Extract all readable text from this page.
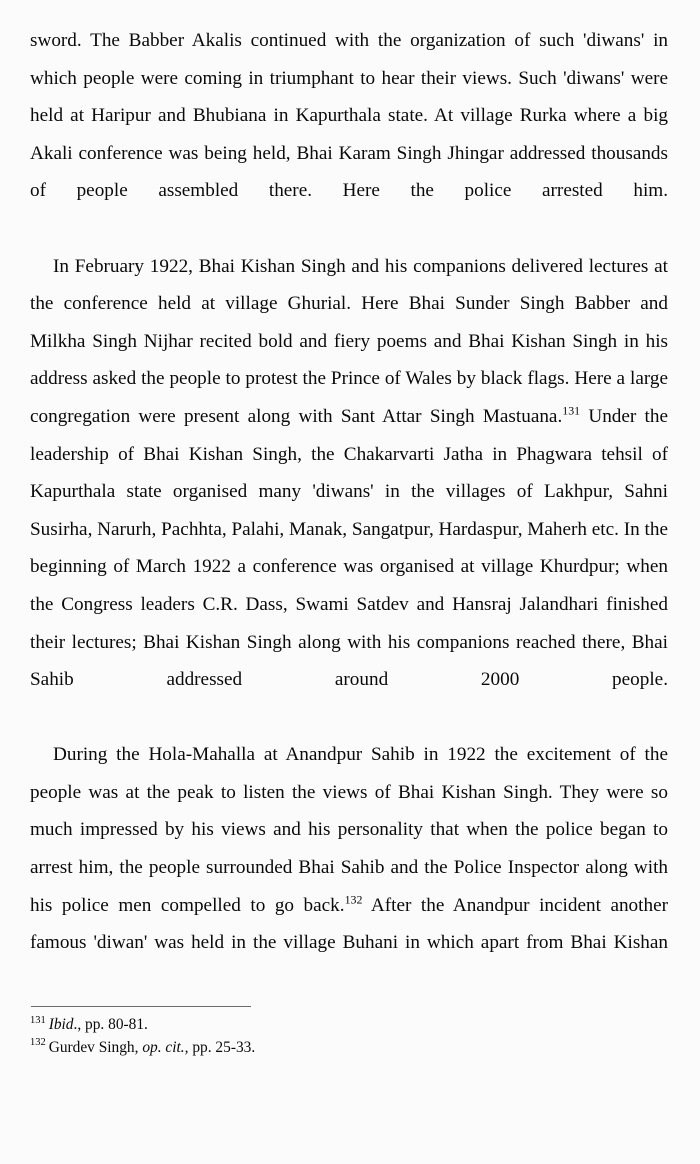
sword. The Babber Akalis continued with the organization of such 'diwans' in which people were coming in triumphant to hear their views. Such 'diwans' were held at Haripur and Bhubiana in Kapurthala state. At village Rurka where a big Akali conference was being held, Bhai Karam Singh Jhingar addressed thousands of people assembled there. Here the police arrested him.

In February 1922, Bhai Kishan Singh and his companions delivered lectures at the conference held at village Ghurial. Here Bhai Sunder Singh Babber and Milkha Singh Nijhar recited bold and fiery poems and Bhai Kishan Singh in his address asked the people to protest the Prince of Wales by black flags. Here a large congregation were present along with Sant Attar Singh Mastuana.$^{131}$ Under the leadership of Bhai Kishan Singh, the Chakarvarti Jatha in Phagwara tehsil of Kapurthala state organised many 'diwans' in the villages of Lakhpur, Sahni Susirha, Narurh, Pachhta, Palahi, Manak, Sangatpur, Hardaspur, Maherh etc. In the beginning of March 1922 a conference was organised at village Khurdpur; when the Congress leaders C.R. Dass, Swami Satdev and Hansraj Jalandhari finished their lectures; Bhai Kishan Singh along with his companions reached there, Bhai Sahib addressed around 2000 people.

During the Hola-Mahalla at Anandpur Sahib in 1922 the excitement of the people was at the peak to listen the views of Bhai Kishan Singh. They were so much impressed by his views and his personality that when the police began to arrest him, the people surrounded Bhai Sahib and the Police Inspector along with his police men compelled to go back.$^{132}$ After the Anandpur incident another famous 'diwan' was held in the village Buhani in which apart from Bhai Kishan

$^{131}$ Ibid., pp. 80-81.
$^{132}$ Gurdev Singh, op. cit., pp. 25-33.
